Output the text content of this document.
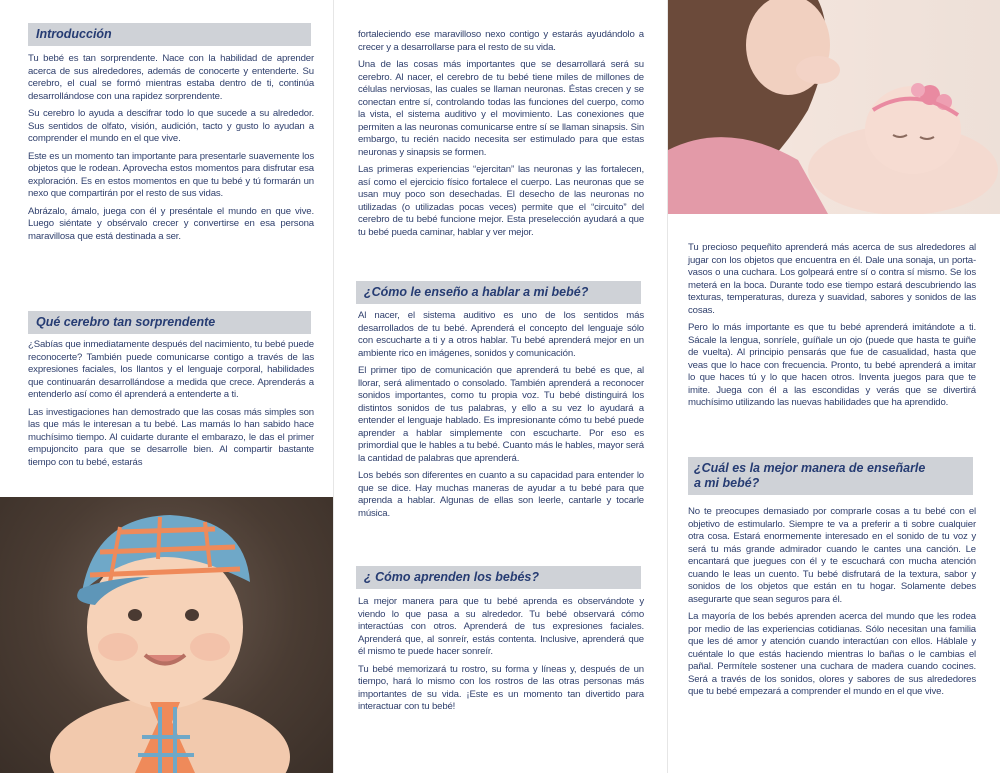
Introducción

Tu bebé es tan sorprendente. Nace con la habilidad de aprender acerca de sus alrededores, además de conocerte y entenderte. Su cerebro, el cual se formó mientras estaba dentro de ti, continúa desarrollándose con una rapidez sorprendente.

Su cerebro lo ayuda a descifrar todo lo que sucede a su alrededor. Sus sentidos de olfato, visión, audición, tacto y gusto lo ayudan a comprender el mundo en el que vive.

Este es un momento tan importante para presentarle suavemente los objetos que le rodean. Aprovecha estos momentos para disfrutar esa exploración. Es en estos momentos en que tu bebé y tú formarán un nexo que compartirán por el resto de sus vidas.

Abrázalo, ámalo, juega con él y preséntale el mundo en que vive. Luego siéntate y obsérvalo crecer y convertirse en esa persona maravillosa que está destinada a ser.

Qué cerebro tan sorprendente

¿Sabías que inmediatamente después del nacimiento, tu bebé puede reconocerte? También puede comunicarse contigo a través de las expresiones faciales, los llantos y el lenguaje corporal, habilidades que continuarán desarrollándose a medida que crece. Aprenderás a entenderlo así como él aprenderá a entenderte a ti.

Las investigaciones han demostrado que las cosas más simples son las que más le interesan a tu bebé. Las mamás lo han sabido hace muchísimo tiempo. Al cuidarte durante el embarazo, le das el primer empujoncito para que se desarrolle bien. Al compartir bastante tiempo con tu bebé, estarás

fortaleciendo ese maravilloso nexo contigo y estarás ayudándolo a crecer y a desarrollarse para el resto de su vida.

Una de las cosas más importantes que se desarrollará será su cerebro. Al nacer, el cerebro de tu bebé tiene miles de millones de células nerviosas, las cuales se llaman neuronas. Éstas crecen y se conectan entre sí, controlando todas las funciones del cuerpo, como la vista, el sistema auditivo y el movimiento. Las conexiones que permiten a las neuronas comunicarse entre sí se llaman sinapsis. Sin embargo, tu recién nacido necesita ser estimulado para que estas neuronas y sinapsis se formen.

Las primeras experiencias “ejercitan” las neuronas y las fortalecen, así como el ejercicio físico fortalece el cuerpo. Las neuronas que se usan muy poco son desechadas. El desecho de las neuronas no utilizadas (o utilizadas pocas veces) permite que el “circuito” del cerebro de tu bebé funcione mejor. Esta preselección ayudará a que tu bebé pueda caminar, hablar y ver mejor.

¿Cómo le enseño a hablar a mi bebé?

Al nacer, el sistema auditivo es uno de los sentidos más desarrollados de tu bebé. Aprenderá el concepto del lenguaje sólo con escucharte a ti y a otros hablar. Tu bebé aprenderá mejor en un ambiente rico en imágenes, sonidos y comunicación.

El primer tipo de comunicación que aprenderá tu bebé es que, al llorar, será alimentado o consolado. También aprenderá a reconocer sonidos importantes, como tu propia voz. Tu bebé distinguirá los distintos sonidos de tus palabras, y ello a su vez lo ayudará a entender el lenguaje hablado. Es impresionante cómo tu bebé puede aprender a hablar simplemente con escucharte. Por eso es primordial que le hables a tu bebé. Cuanto más le hables, mayor será la cantidad de palabras que aprenderá.

Los bebés son diferentes en cuanto a su capacidad para entender lo que se dice. Hay muchas maneras de ayudar a tu bebé para que aprenda a hablar. Algunas de ellas son leerle, cantarle y tocarle música.

¿ Cómo aprenden los bebés?

La mejor manera para que tu bebé aprenda es observándote y viendo lo que pasa a su alrededor. Tu bebé observará cómo interactúas con otros. Aprenderá de tus expresiones faciales. Aprenderá que, al sonreír, estás contenta. Inclusive, aprenderá que él mismo te puede hacer sonreír.

Tu bebé memorizará tu rostro, su forma y líneas y, después de un tiempo, hará lo mismo con los rostros de las otras personas más importantes de su vida. ¡Este es un momento tan divertido para interactuar con tu bebé!

Tu precioso pequeñito aprenderá más acerca de sus alrededores al jugar con los objetos que encuentra en él. Dale una sonaja, un porta-vasos o una cuchara. Los golpeará entre sí o contra sí mismo. Se los meterá en la boca. Durante todo ese tiempo estará descubriendo las texturas, temperaturas, dureza y suavidad, sabores y sonidos de las cosas.

Pero lo más importante es que tu bebé aprenderá imitándote a ti. Sácale la lengua, sonríele, guíñale un ojo (puede que hasta te guiñe de vuelta). Al principio pensarás que fue de casualidad, hasta que veas que lo hace con frecuencia. Pronto, tu bebé aprenderá a imitar lo que haces tú y lo que hacen otros. Inventa juegos para que te imite. Juega con él a las escondidas y verás que se divertirá muchísimo utilizando las nuevas habilidades que ha aprendido.

¿Cuál es la mejor manera de enseñarle
a mi bebé?

No te preocupes demasiado por comprarle cosas a tu bebé con el objetivo de estimularlo. Siempre te va a preferir a ti sobre cualquier otra cosa. Estará enormemente interesado en el sonido de tu voz y será tu más grande admirador cuando le cantes una canción. Le encantará que juegues con él y te escuchará con mucha atención cuando le leas un cuento. Tu bebé disfrutará de la textura, sabor y sonidos de los objetos que están en tu hogar. Solamente debes asegurarte que sean seguros para él.

La mayoría de los bebés aprenden acerca del mundo que les rodea por medio de las experiencias cotidianas. Sólo necesitan una familia que les dé amor y atención cuando interactúan con ellos. Háblale y cuéntale lo que estás haciendo mientras lo bañas o le cambias el pañal. Permítele sostener una cuchara de madera cuando cocines. Será a través de los sonidos, olores y sabores de sus alrededores que tu bebé empezará a comprender el mundo en el que vive.
